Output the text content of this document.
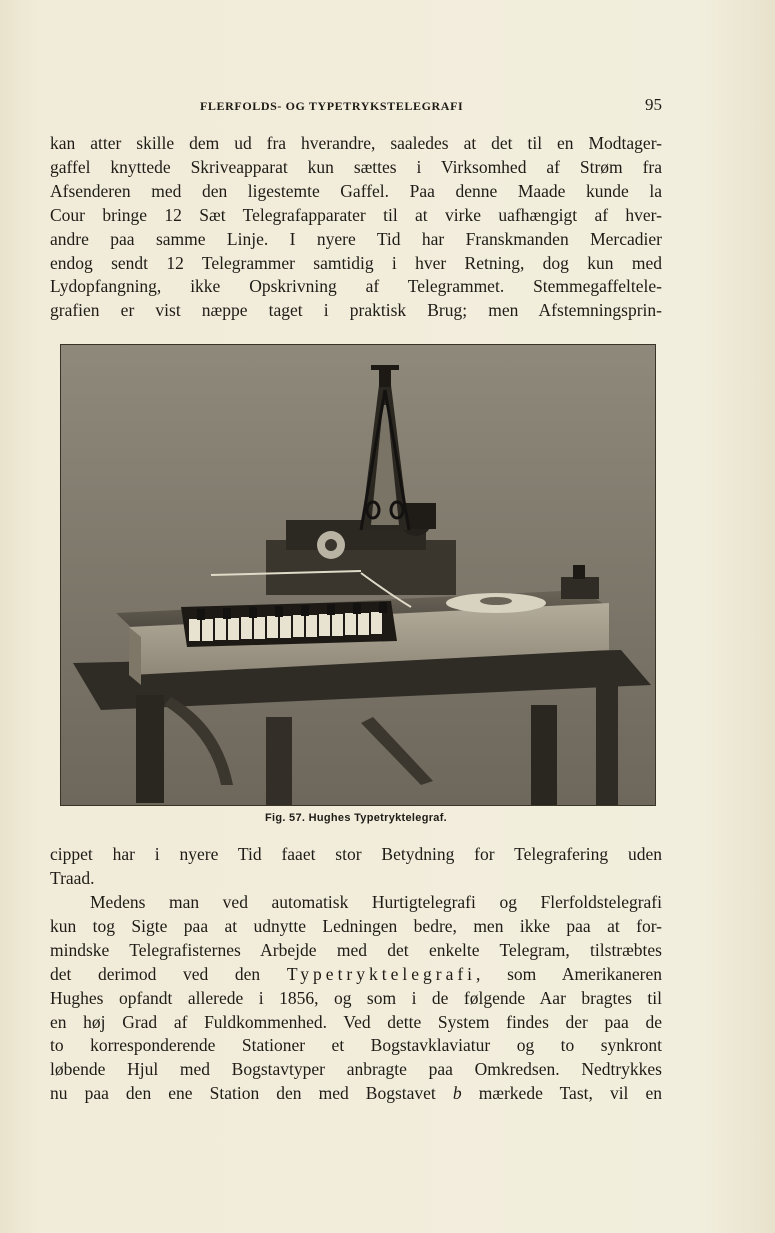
FLERFOLDS- OG TYPETRYKSTELEGRAFI	95

kan atter skille dem ud fra hverandre, saaledes at det til en Modtager-
gaffel knyttede Skriveapparat kun sættes i Virksomhed af Strøm fra
Afsenderen med den ligestemte Gaffel. Paa denne Maade kunde la
Cour bringe 12 Sæt Telegrafapparater til at virke uafhængigt af hver-
andre paa samme Linje. I nyere Tid har Franskmanden Mercadier
endog sendt 12 Telegrammer samtidig i hver Retning, dog kun med
Lydopfangning, ikke Opskrivning af Telegrammet. Stemmegaffeltele-
grafien er vist næppe taget i praktisk Brug; men Afstemningsprin-

Fig. 57. Hughes Typetryktelegraf.

cippet har i nyere Tid faaet stor Betydning for Telegrafering uden
Traad.

Medens man ved automatisk Hurtigtelegrafi og Flerfoldstelegrafi
kun tog Sigte paa at udnytte Ledningen bedre, men ikke paa at for-
mindske Telegrafisternes Arbejde med det enkelte Telegram, tilstræbtes
det derimod ved den Typetryktelegrafi, som Amerikaneren
Hughes opfandt allerede i 1856, og som i de følgende Aar bragtes til
en høj Grad af Fuldkommenhed. Ved dette System findes der paa de
to korresponderende Stationer et Bogstavklaviatur og to synkront
løbende Hjul med Bogstavtyper anbragte paa Omkredsen. Nedtrykkes
nu paa den ene Station den med Bogstavet b mærkede Tast, vil en
